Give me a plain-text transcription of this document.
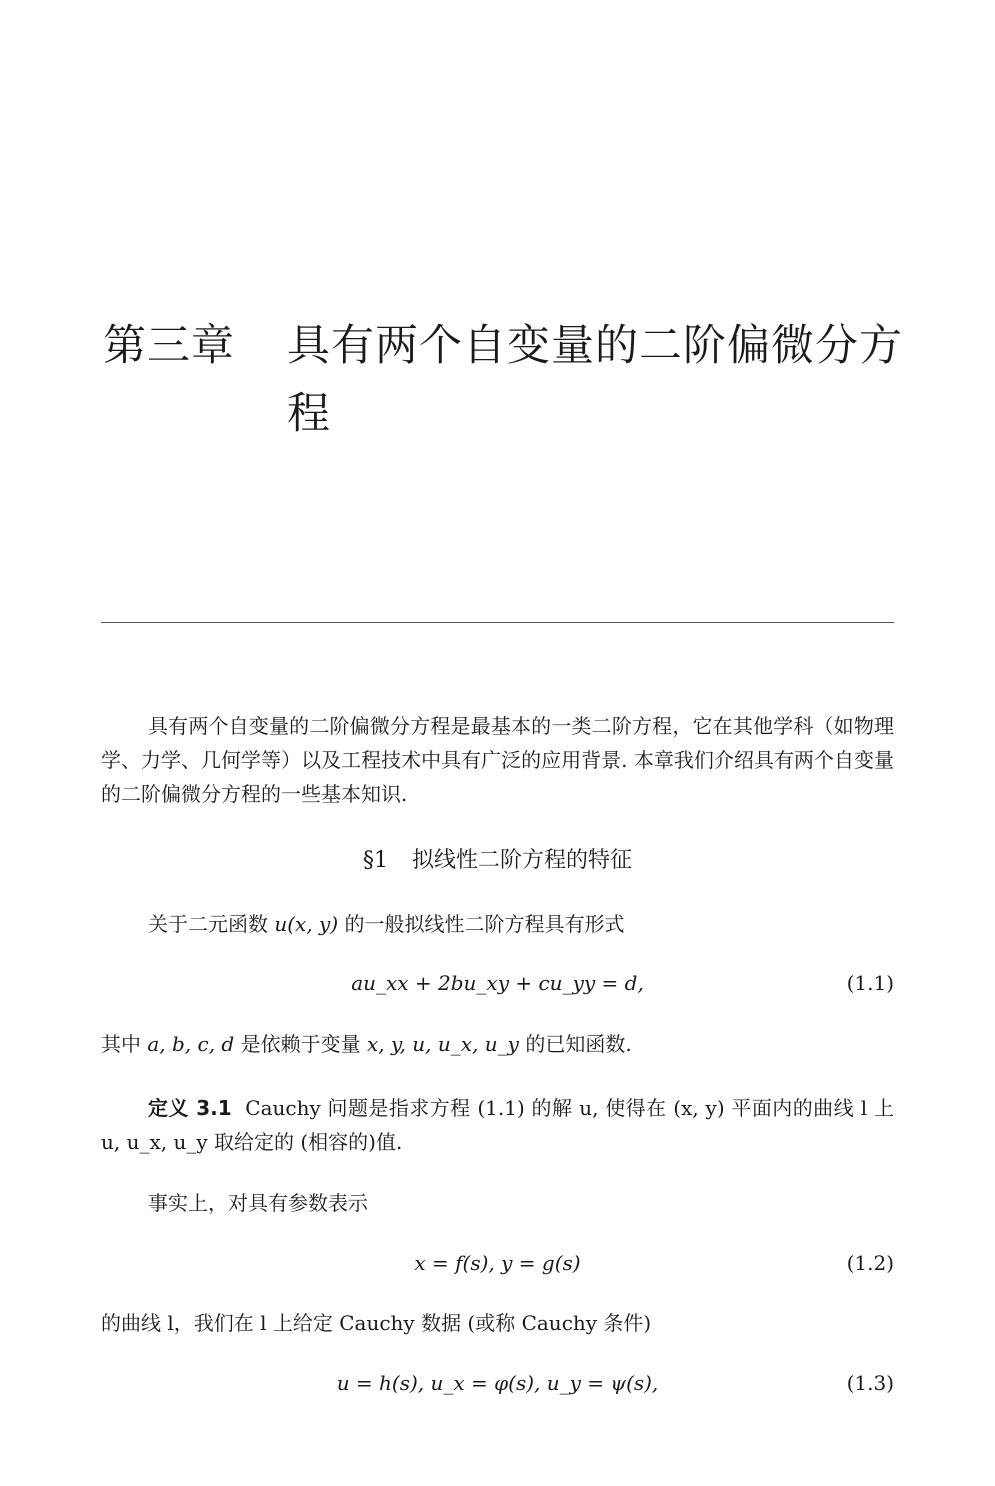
第三章 具有两个自变量的二阶偏微分方程
具有两个自变量的二阶偏微分方程是最基本的一类二阶方程，它在其他学科（如物理学、力学、几何学等）以及工程技术中具有广泛的应用背景. 本章我们介绍具有两个自变量的二阶偏微分方程的一些基本知识.
§1 拟线性二阶方程的特征
关于二元函数 u(x, y) 的一般拟线性二阶方程具有形式
au_xx + 2bu_xy + cu_yy = d,	(1.1)
其中 a, b, c, d 是依赖于变量 x, y, u, u_x, u_y 的已知函数.
定义 3.1 Cauchy 问题是指求方程 (1.1) 的解 u, 使得在 (x, y) 平面内的曲线 l 上 u, u_x, u_y 取给定的 (相容的)值.
事实上，对具有参数表示
x = f(s), y = g(s)	(1.2)
的曲线 l，我们在 l 上给定 Cauchy 数据 (或称 Cauchy 条件)
u = h(s), u_x = φ(s), u_y = ψ(s),	(1.3)
